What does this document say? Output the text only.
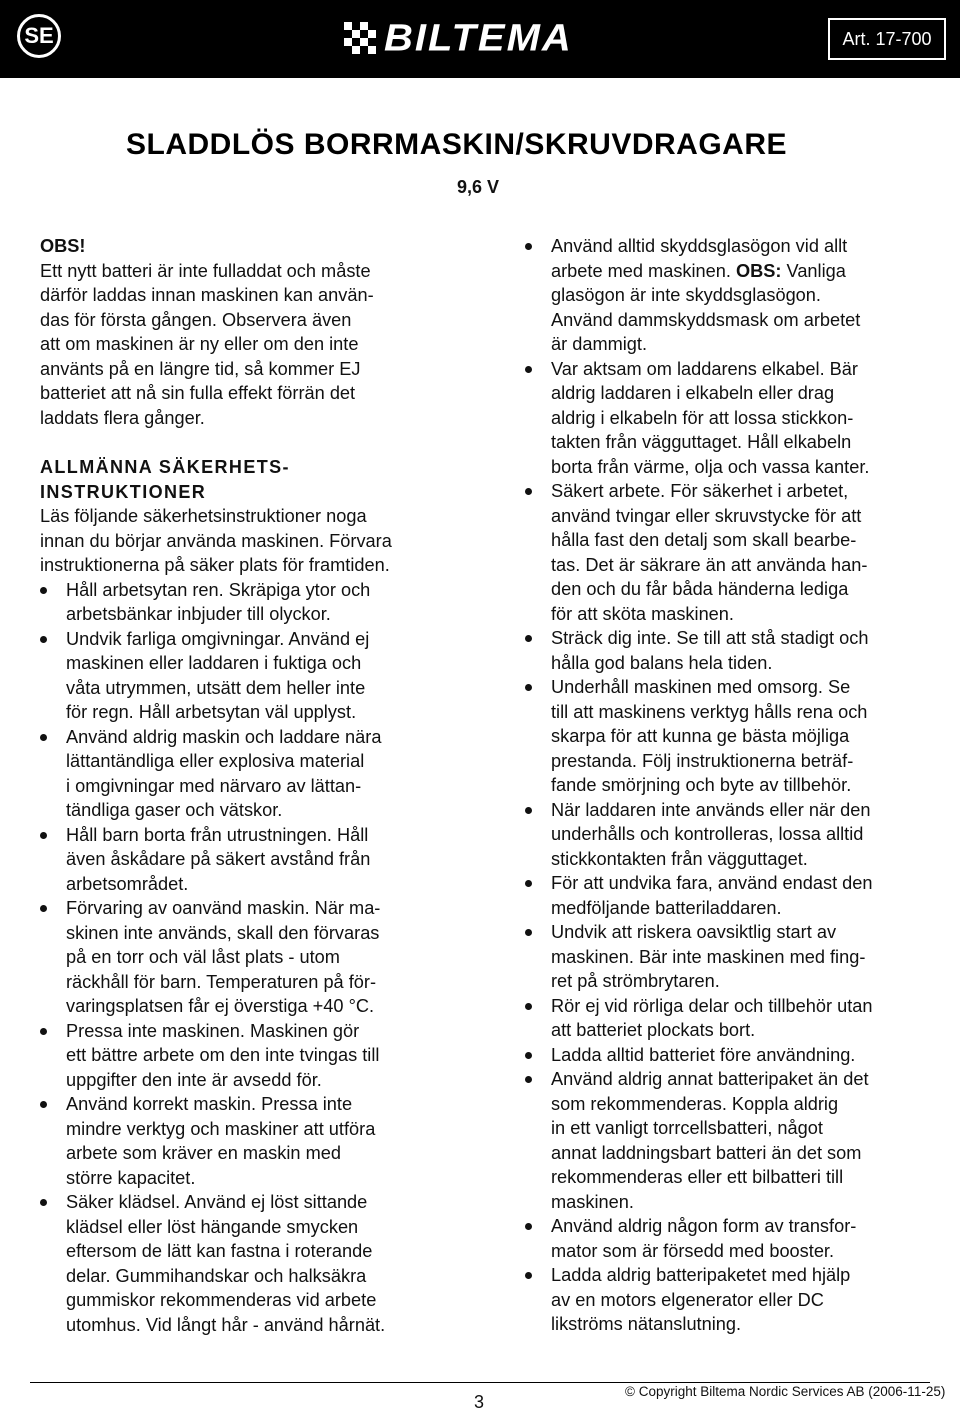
SE	BILTEMA	Art. 17-700
SLADDLÖS BORRMASKIN/SKRUVDRAGARE
9,6 V
OBS!

Ett nytt batteri är inte fulladdat och måste
därför laddas innan maskinen kan använ-
das för första gången. Observera även
att om maskinen är ny eller om den inte
använts på en längre tid, så kommer EJ
batteriet att nå sin fulla effekt förrän det
laddats flera gånger.

ALLMÄNNA SÄKERHETS-
INSTRUKTIONER

Läs följande säkerhetsinstruktioner noga
innan du börjar använda maskinen. Förvara
instruktionerna på säker plats för framtiden.

Håll arbetsytan ren. Skräpiga ytor och
arbetsbänkar inbjuder till olyckor.
Undvik farliga omgivningar. Använd ej
maskinen eller laddaren i fuktiga och
våta utrymmen, utsätt dem heller inte
för regn. Håll arbetsytan väl upplyst.
Använd aldrig maskin och laddare nära
lättantändliga eller explosiva material
i omgivningar med närvaro av lättan-
tändliga gaser och vätskor.
Håll barn borta från utrustningen. Håll
även åskådare på säkert avstånd från
arbetsområdet.
Förvaring av oanvänd maskin. När ma-
skinen inte används, skall den förvaras
på en torr och väl låst plats - utom
räckhåll för barn. Temperaturen på för-
varingsplatsen får ej överstiga +40 °C.
Pressa inte maskinen. Maskinen gör
ett bättre arbete om den inte tvingas till
uppgifter den inte är avsedd för.
Använd korrekt maskin. Pressa inte
mindre verktyg och maskiner att utföra
arbete som kräver en maskin med
större kapacitet.
Säker klädsel. Använd ej löst sittande
klädsel eller löst hängande smycken
eftersom de lätt kan fastna i roterande
delar. Gummihandskar och halksäkra
gummiskor rekommenderas vid arbete
utomhus. Vid långt hår - använd hårnät.
Använd alltid skyddsglasögon vid allt
arbete med maskinen. OBS: Vanliga
glasögon är inte skyddsglasögon.
Använd dammskyddsmask om arbetet
är dammigt.
Var aktsam om laddarens elkabel. Bär
aldrig laddaren i elkabeln eller drag
aldrig i elkabeln för att lossa stickkon-
takten från vägguttaget. Håll elkabeln
borta från värme, olja och vassa kanter.
Säkert arbete. För säkerhet i arbetet,
använd tvingar eller skruvstycke för att
hålla fast den detalj som skall bearbe-
tas. Det är säkrare än att använda han-
den och du får båda händerna lediga
för att sköta maskinen.
Sträck dig inte. Se till att stå stadigt och
hålla god balans hela tiden.
Underhåll maskinen med omsorg. Se
till att maskinens verktyg hålls rena och
skarpa för att kunna ge bästa möjliga
prestanda. Följ instruktionerna beträf-
fande smörjning och byte av tillbehör.
När laddaren inte används eller när den
underhålls och kontrolleras, lossa alltid
stickkontakten från vägguttaget.
För att undvika fara, använd endast den
medföljande batteriladdaren.
Undvik att riskera oavsiktlig start av
maskinen. Bär inte maskinen med fing-
ret på strömbrytaren.
Rör ej vid rörliga delar och tillbehör utan
att batteriet plockats bort.
Ladda alltid batteriet före användning.
Använd aldrig annat batteripaket än det
som rekommenderas. Koppla aldrig
in ett vanligt torrcellsbatteri, något
annat laddningsbart batteri än det som
rekommenderas eller ett bilbatteri till
maskinen.
Använd aldrig någon form av transfor-
mator som är försedd med booster.
Ladda aldrig batteripaketet med hjälp
av en motors elgenerator eller DC
likströms nätanslutning.
3
© Copyright Biltema Nordic Services AB (2006-11-25)
